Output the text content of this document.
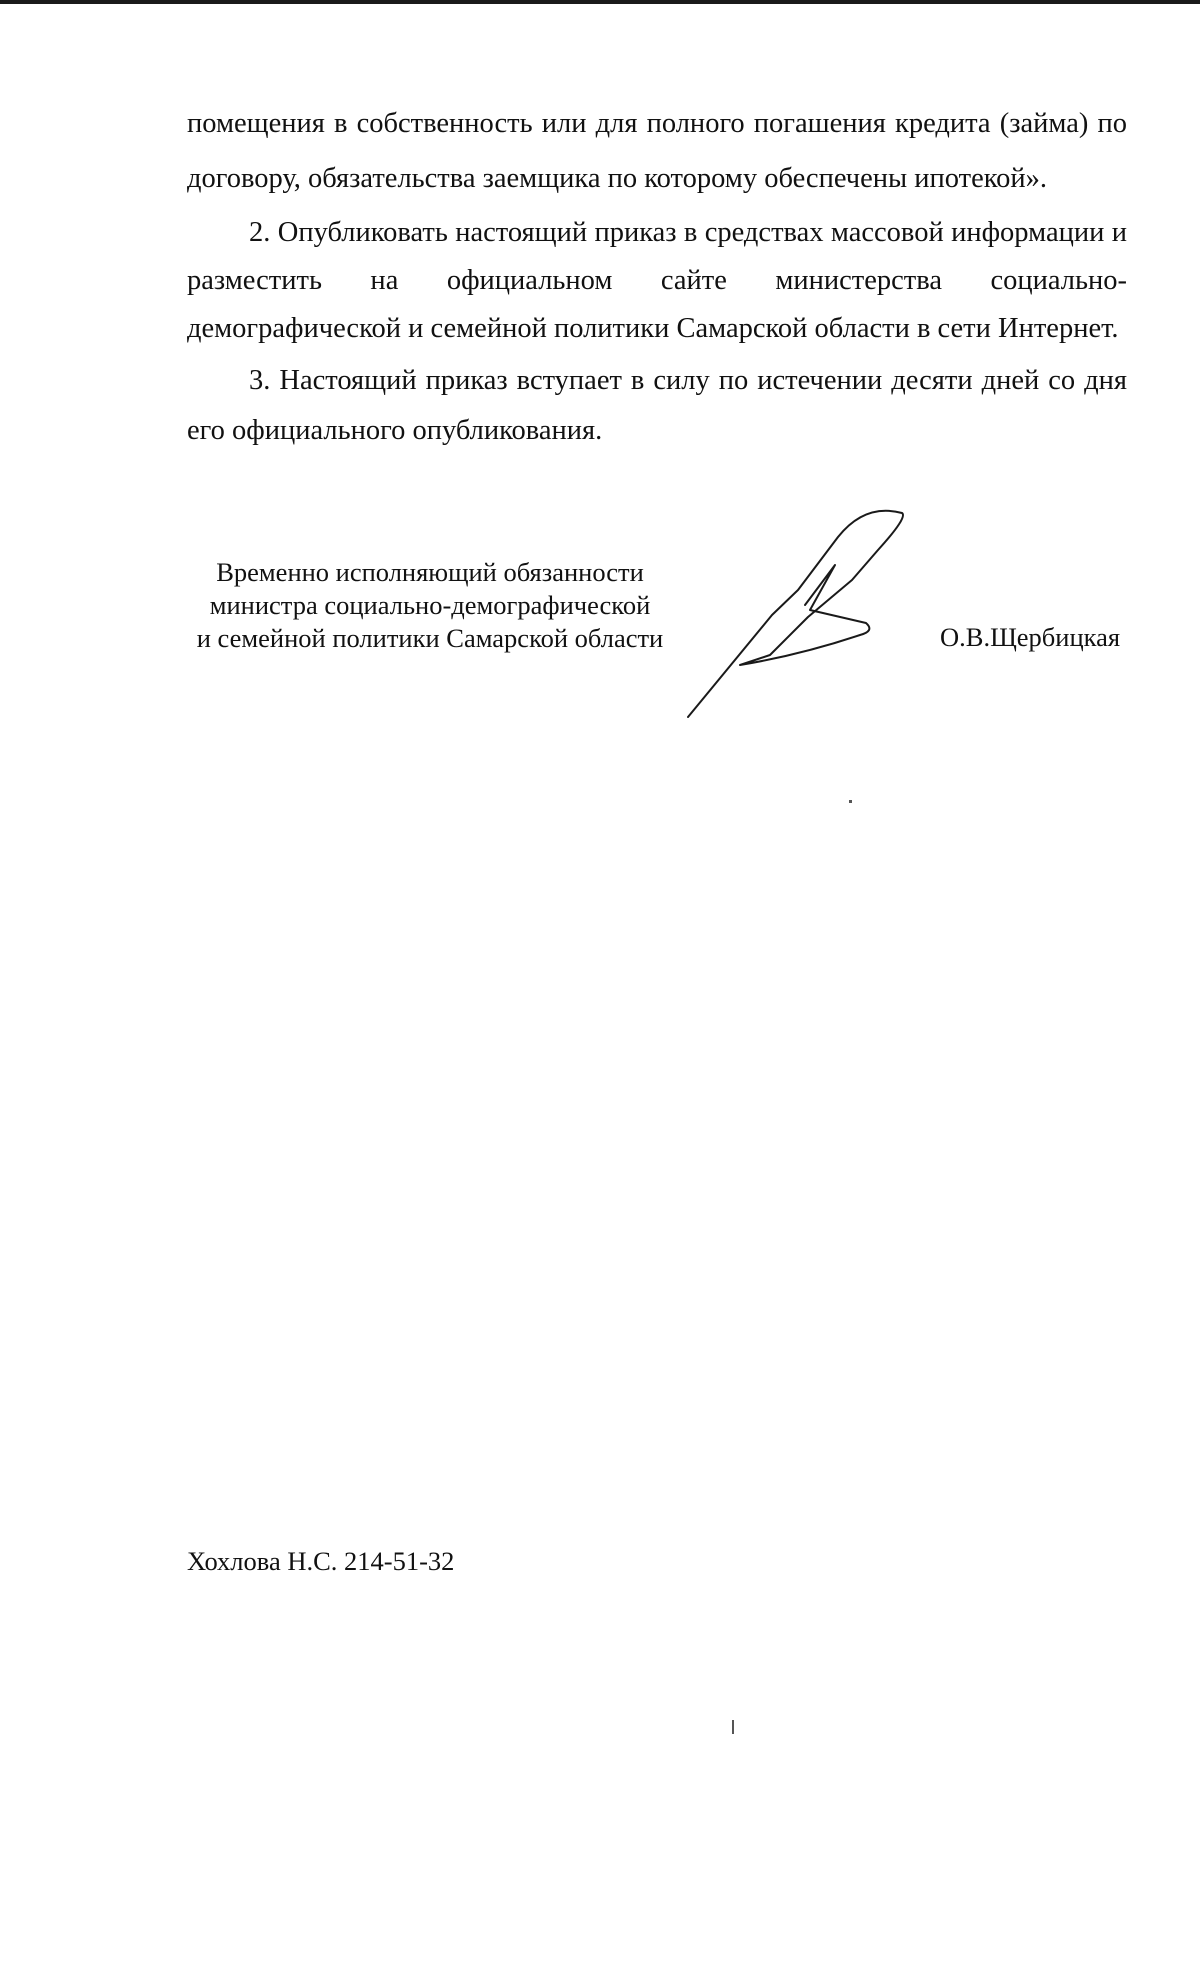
помещения в собственность или для полного погашения кредита (займа) по договору, обязательства заемщика по которому обеспечены ипотекой».

2. Опубликовать настоящий приказ в средствах массовой информации и разместить на официальном сайте министерства социально-демографической и семейной политики Самарской области в сети Интернет.

3. Настоящий приказ вступает в силу по истечении десяти дней со дня его официального опубликования.

Временно исполняющий обязанности
министра социально-демографической
и семейной политики Самарской области	О.В.Щербицкая
Хохлова Н.С. 214-51-32
